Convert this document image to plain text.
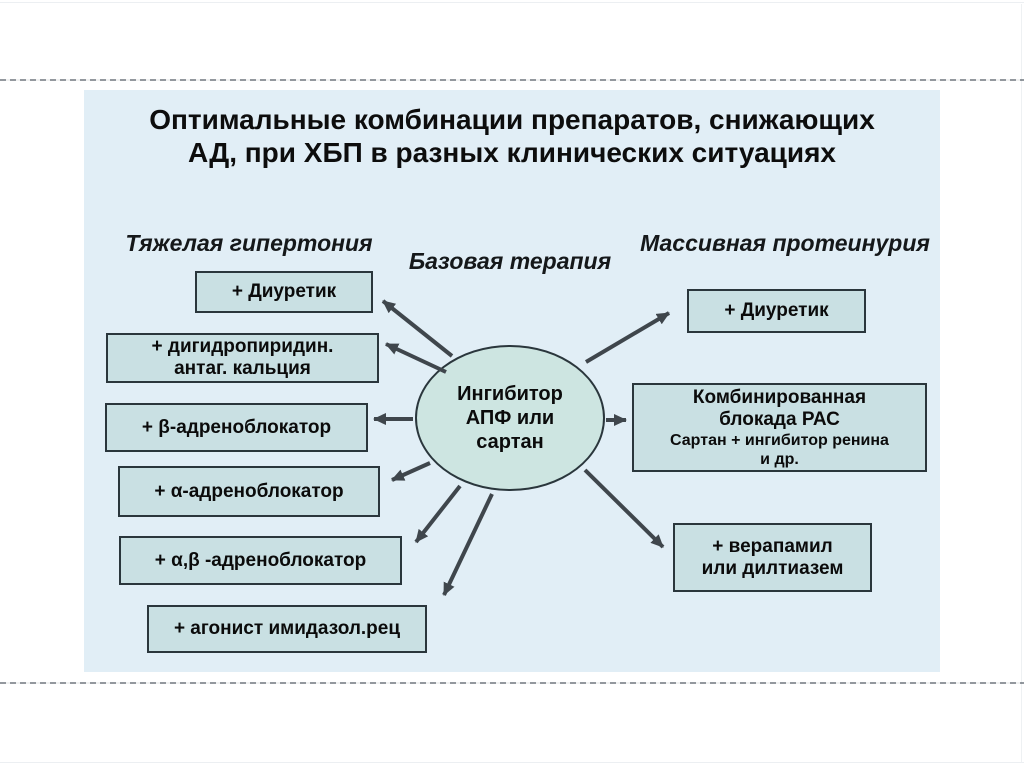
Оптимальные комбинации препаратов, снижающих
АД, при ХБП в разных клинических ситуациях
Тяжелая гипертония
Базовая терапия
Массивная протеинурия
+ Диуретик
+ дигидропиридин.
антаг. кальция
+ β-адреноблокатор
+ α-адреноблокатор
+ α,β -адреноблокатор
+ агонист имидазол.рец
Ингибитор
АПФ или
сартан
+ Диуретик
Комбинированная
блокада РАС
Сартан + ингибитор ренина
и др.
+ верапамил
или дилтиазем
